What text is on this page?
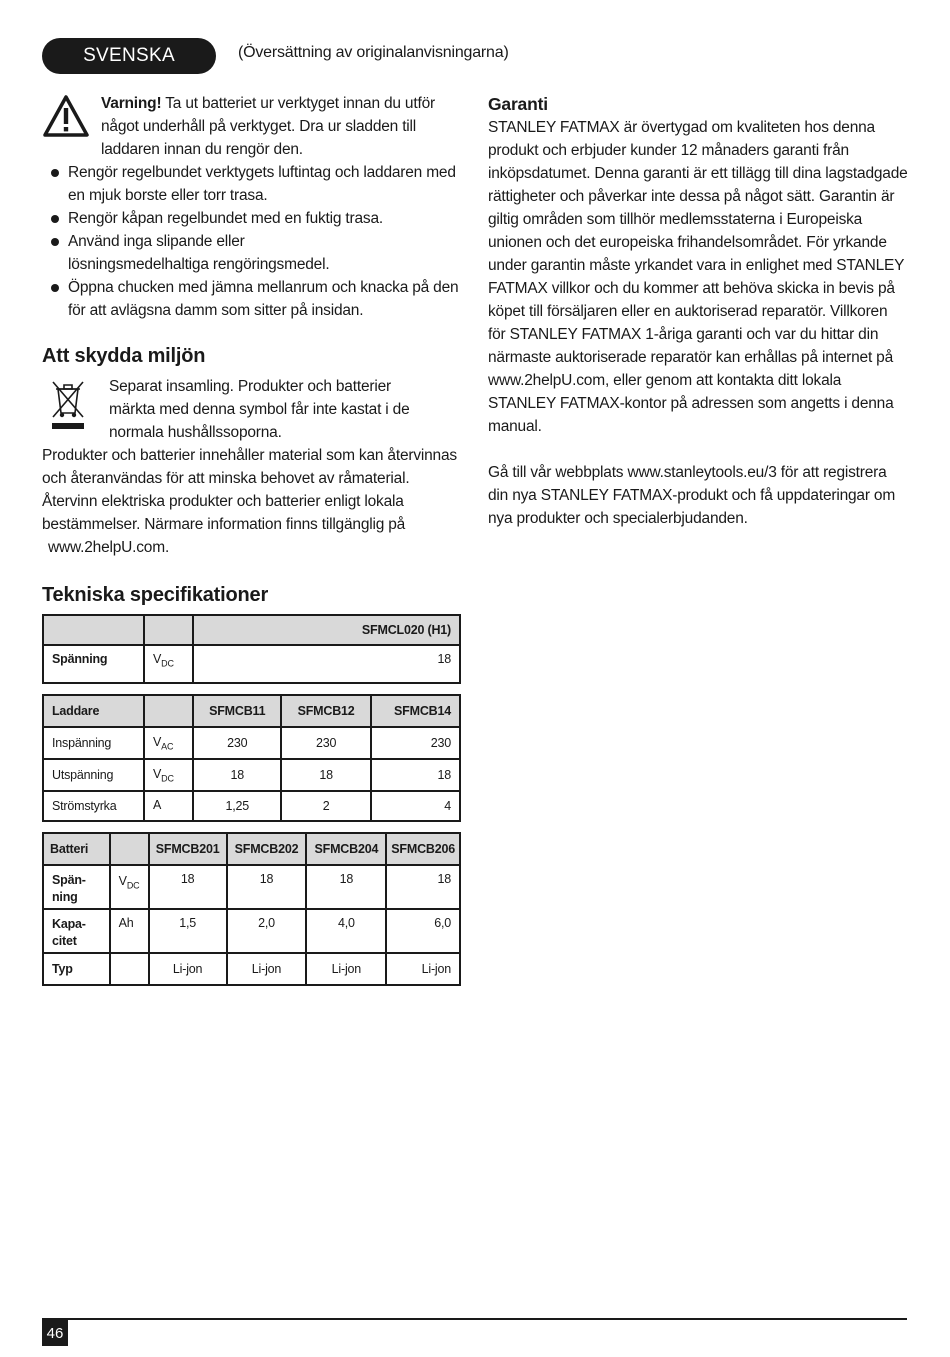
SVENSKA	(Översättning av originalanvisningarna)
Varning! Ta ut batteriet ur verktyget innan du utför något underhåll på verktyget. Dra ur sladden till laddaren innan du rengör den.
Rengör regelbundet verktygets luftintag och laddaren med en mjuk borste eller torr trasa.
Rengör kåpan regelbundet med en fuktig trasa.
Använd inga slipande eller lösningsmedelhaltiga rengöringsmedel.
Öppna chucken med jämna mellanrum och knacka på den för att avlägsna damm som sitter på insidan.
Att skydda miljön
Separat insamling. Produkter och batterier märkta med denna symbol får inte kastat i de normala hushållssoporna.
Produkter och batterier innehåller material som kan återvinnas och återanvändas för att minska behovet av råmaterial. Återvinn elektriska produkter och batterier enligt lokala bestämmelser. Närmare information finns tillgänglig på
www.2helpU.com.
Tekniska specifikationer
		SFMCL020 (H1)
Spänning	$V_{DC}$	18
Laddare		SFMCB11	SFMCB12	SFMCB14
Inspänning	$V_{AC}$	230	230	230
Utspänning	$V_{DC}$	18	18	18
Strömstyrka	A	1,25	2	4
Batteri		SFMCB201	SFMCB202	SFMCB204	SFMCB206
Spän-
ning	$V_{DC}$	18	18	18	18
Kapa-
citet	Ah	1,5	2,0	4,0	6,0
Typ		Li-jon	Li-jon	Li-jon	Li-jon
Garanti
STANLEY FATMAX är övertygad om kvaliteten hos denna produkt och erbjuder kunder 12 månaders garanti från inköpsdatumet. Denna garanti är ett tillägg till dina lagstadgade rättigheter och påverkar inte dessa på något sätt. Garantin är giltig områden som tillhör medlemsstaterna i Europeiska unionen och det europeiska frihandelsområdet. För yrkande under garantin måste yrkandet vara in enlighet med STANLEY FATMAX villkor och du kommer att behöva skicka in bevis på köpet till försäljaren eller en auktoriserad reparatör. Villkoren för STANLEY FATMAX 1-åriga garanti och var du hittar din närmaste auktoriserade reparatör kan erhållas på internet på www.2helpU.com, eller genom att kontakta ditt lokala STANLEY FATMAX-kontor på adressen som angetts i denna manual.
Gå till vår webbplats www.stanleytools.eu/3 för att registrera din nya STANLEY FATMAX-produkt och få uppdateringar om nya produkter och specialerbjudanden.
46
